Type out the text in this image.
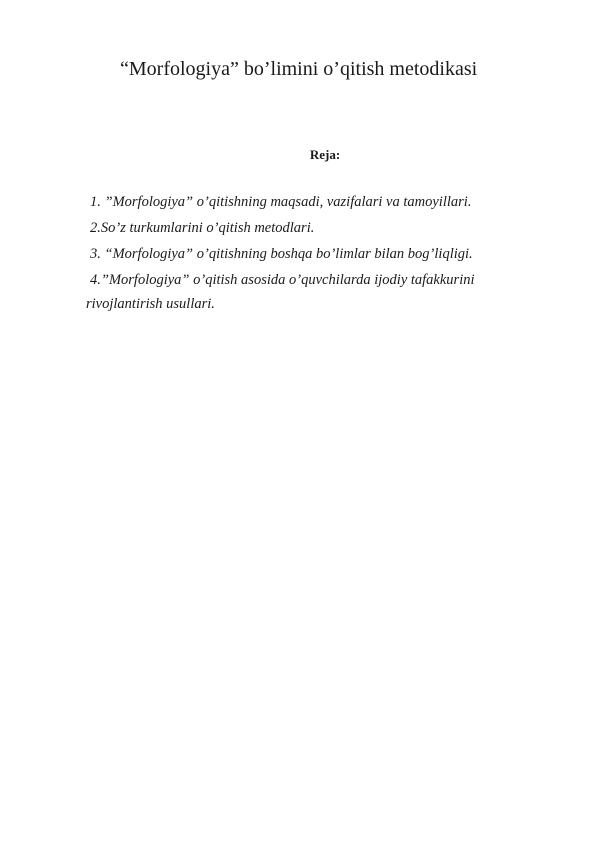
“Morfologiya” bo’limini o’qitish metodikasi

Reja:

1. ”Morfologiya” o’qitishning maqsadi, vazifalari va tamoyillari.
2.So’z turkumlarini o’qitish metodlari.
3. “Morfologiya” o’qitishning boshqa bo’limlar bilan bog’liqligi.
4.”Morfologiya” o’qitish asosida o’quvchilarda ijodiy tafakkurini
rivojlantirish usullari.
